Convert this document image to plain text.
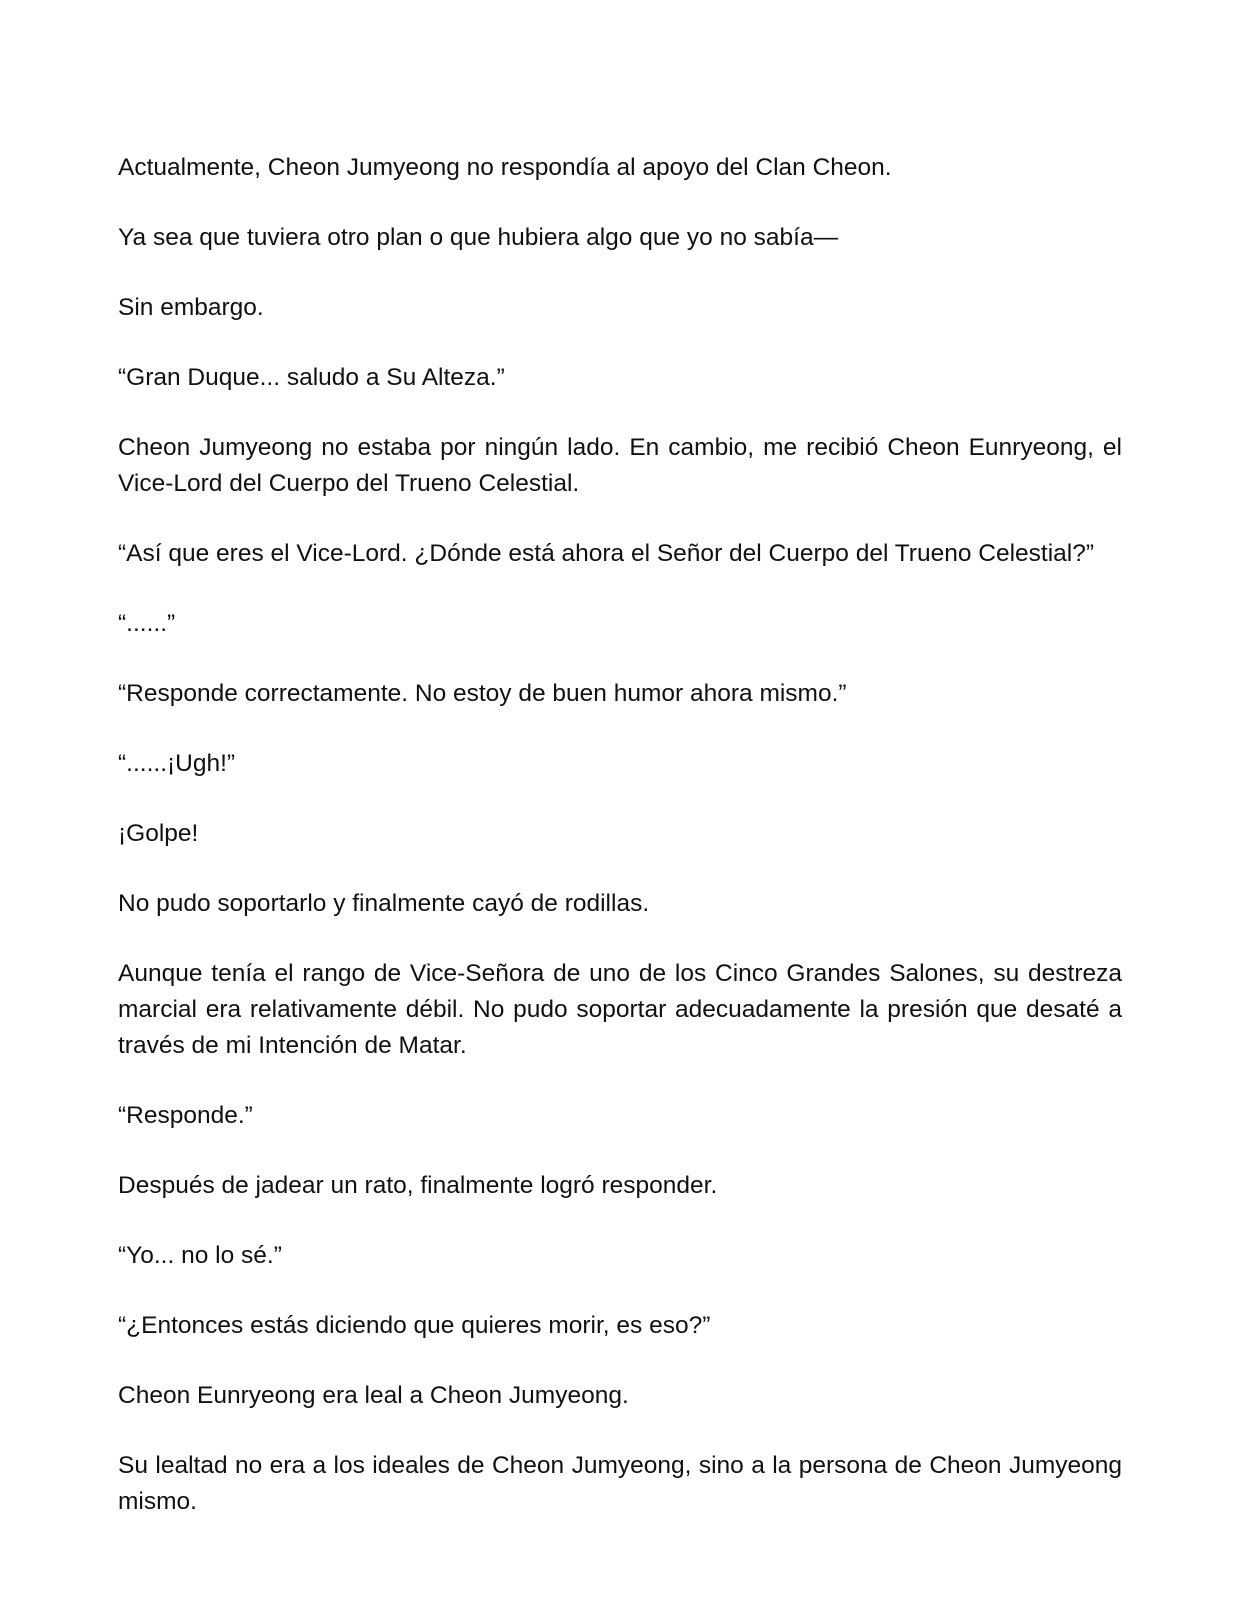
Actualmente, Cheon Jumyeong no respondía al apoyo del Clan Cheon.

Ya sea que tuviera otro plan o que hubiera algo que yo no sabía—

Sin embargo.

“Gran Duque... saludo a Su Alteza.”

Cheon Jumyeong no estaba por ningún lado. En cambio, me recibió Cheon Eunryeong, el Vice-Lord del Cuerpo del Trueno Celestial.

“Así que eres el Vice-Lord. ¿Dónde está ahora el Señor del Cuerpo del Trueno Celestial?”

“......”

“Responde correctamente. No estoy de buen humor ahora mismo.”

“......¡Ugh!”

¡Golpe!

No pudo soportarlo y finalmente cayó de rodillas.

Aunque tenía el rango de Vice-Señora de uno de los Cinco Grandes Salones, su destreza marcial era relativamente débil. No pudo soportar adecuadamente la presión que desaté a través de mi Intención de Matar.

“Responde.”

Después de jadear un rato, finalmente logró responder.

“Yo... no lo sé.”

“¿Entonces estás diciendo que quieres morir, es eso?”

Cheon Eunryeong era leal a Cheon Jumyeong.

Su lealtad no era a los ideales de Cheon Jumyeong, sino a la persona de Cheon Jumyeong mismo.
